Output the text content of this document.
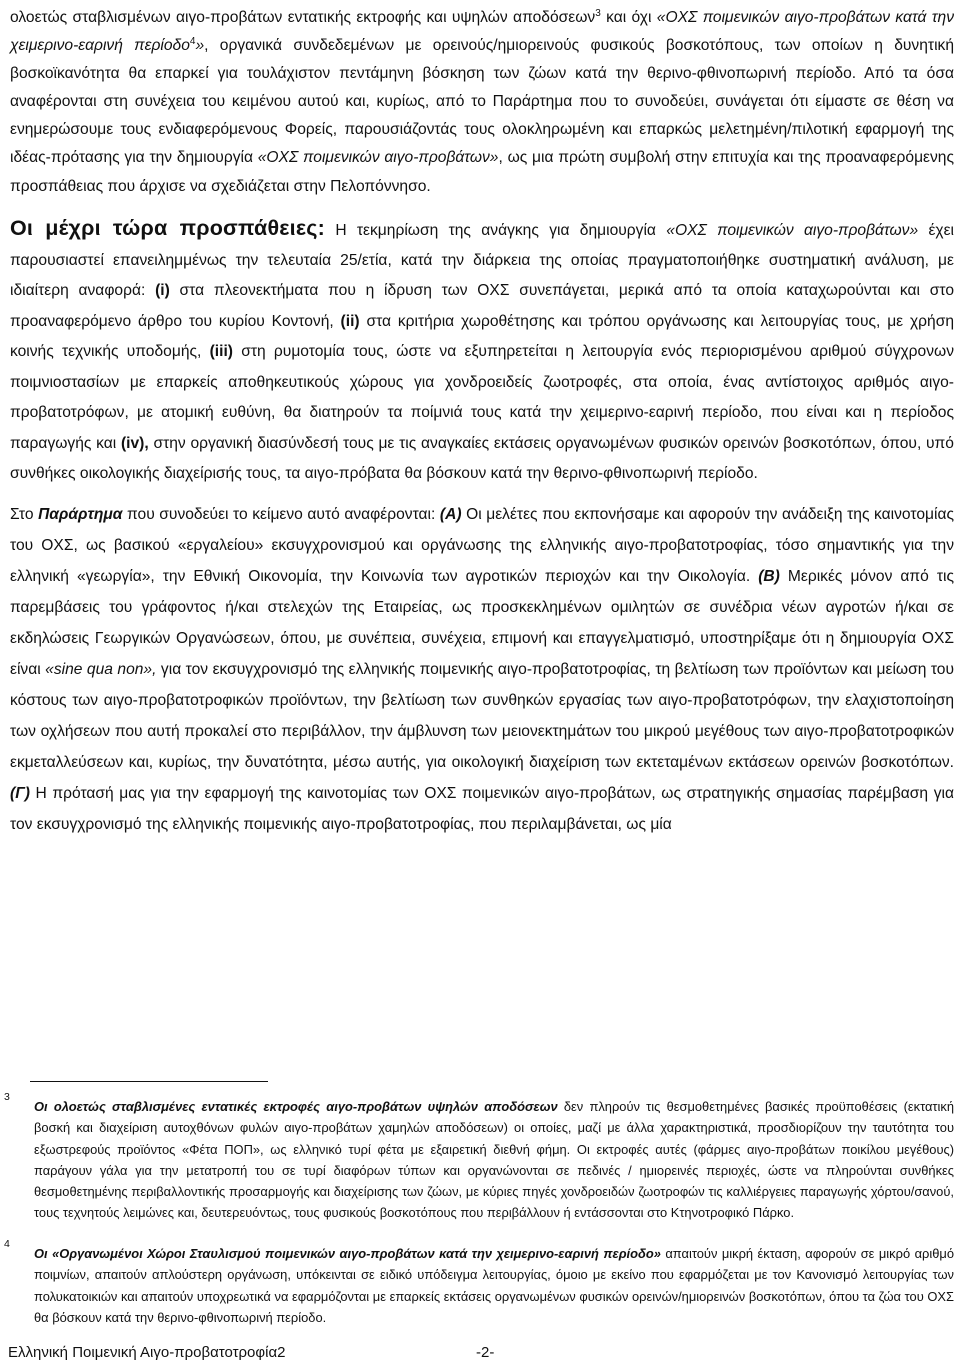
ολοετώς σταβλισμένων αιγο-προβάτων εντατικής εκτροφής και υψηλών αποδόσεων$^3$ και όχι «ΟΧΣ ποιμενικών αιγο-προβάτων κατά την χειμερινο-εαρινή περίοδο$^4$», οργανικά συνδεδεμένων με ορεινούς/ημιορεινούς φυσικούς βοσκοτόπους, των οποίων η δυνητική βοσκοϊκανότητα θα επαρκεί για τουλάχιστον πεντάμηνη βόσκηση των ζώων κατά την θερινο-φθινοπωρινή περίοδο. Από τα όσα αναφέρονται στη συνέχεια του κειμένου αυτού και, κυρίως, από το Παράρτημα που το συνοδεύει, συνάγεται ότι είμαστε σε θέση να ενημερώσουμε τους ενδιαφερόμενους Φορείς, παρουσιάζοντάς τους ολοκληρωμένη και επαρκώς μελετημένη/πιλοτική εφαρμογή της ιδέας-πρότασης για την δημιουργία «ΟΧΣ ποιμενικών αιγο-προβάτων», ως μια πρώτη συμβολή στην επιτυχία και της προαναφερόμενης προσπάθειας που άρχισε να σχεδιάζεται στην Πελοπόννησο.

Οι μέχρι τώρα προσπάθειες: Η τεκμηρίωση της ανάγκης για δημιουργία «ΟΧΣ ποιμενικών αιγο-προβάτων» έχει παρουσιαστεί επανειλημμένως την τελευταία 25/ετία, κατά την διάρκεια της οποίας πραγματοποιήθηκε συστηματική ανάλυση, με ιδιαίτερη αναφορά: (i) στα πλεονεκτήματα που η ίδρυση των ΟΧΣ συνεπάγεται, μερικά από τα οποία καταχωρούνται και στο προαναφερόμενο άρθρο του κυρίου Κοντονή, (ii) στα κριτήρια χωροθέτησης και τρόπου οργάνωσης και λειτουργίας τους, με χρήση κοινής τεχνικής υποδομής, (iii) στη ρυμοτομία τους, ώστε να εξυπηρετείται η λειτουργία ενός περιορισμένου αριθμού σύγχρονων ποιμνιοστασίων με επαρκείς αποθηκευτικούς χώρους για χονδροειδείς ζωοτροφές, στα οποία, ένας αντίστοιχος αριθμός αιγο-προβατοτρόφων, με ατομική ευθύνη, θα διατηρούν τα ποίμνιά τους κατά την χειμερινο-εαρινή περίοδο, που είναι και η περίοδος παραγωγής και (iv), στην οργανική διασύνδεσή τους με τις αναγκαίες εκτάσεις οργανωμένων φυσικών ορεινών βοσκοτόπων, όπου, υπό συνθήκες οικολογικής διαχείρισής τους, τα αιγο-πρόβατα θα βόσκουν κατά την θερινο-φθινοπωρινή περίοδο.

Στο Παράρτημα που συνοδεύει το κείμενο αυτό αναφέρονται: (Α) Οι μελέτες που εκπονήσαμε και αφορούν την ανάδειξη της καινοτομίας του ΟΧΣ, ως βασικού «εργαλείου» εκσυγχρονισμού και οργάνωσης της ελληνικής αιγο-προβατοτροφίας, τόσο σημαντικής για την ελληνική «γεωργία», την Εθνική Οικονομία, την Κοινωνία των αγροτικών περιοχών και την Οικολογία. (Β) Μερικές μόνον από τις παρεμβάσεις του γράφοντος ή/και στελεχών της Εταιρείας, ως προσκεκλημένων ομιλητών σε συνέδρια νέων αγροτών ή/και σε εκδηλώσεις Γεωργικών Οργανώσεων, όπου, με συνέπεια, συνέχεια, επιμονή και επαγγελματισμό, υποστηρίξαμε ότι η δημιουργία ΟΧΣ είναι «sine qua non», για τον εκσυγχρονισμό της ελληνικής ποιμενικής αιγο-προβατοτροφίας, τη βελτίωση των προϊόντων και μείωση του κόστους των αιγο-προβατοτροφικών προϊόντων, την βελτίωση των συνθηκών εργασίας των αιγο-προβατοτρόφων, την ελαχιστοποίηση των οχλήσεων που αυτή προκαλεί στο περιβάλλον, την άμβλυνση των μειονεκτημάτων του μικρού μεγέθους των αιγο-προβατοτροφικών εκμεταλλεύσεων και, κυρίως, την δυνατότητα, μέσω αυτής, για οικολογική διαχείριση των εκτεταμένων εκτάσεων ορεινών βοσκοτόπων. (Γ) Η πρότασή μας για την εφαρμογή της καινοτομίας των ΟΧΣ ποιμενικών αιγο-προβάτων, ως στρατηγικής σημασίας παρέμβαση για τον εκσυγχρονισμό της ελληνικής ποιμενικής αιγο-προβατοτροφίας, που περιλαμβάνεται, ως μία

3
Οι ολοετώς σταβλισμένες εντατικές εκτροφές αιγο-προβάτων υψηλών αποδόσεων δεν πληρούν τις θεσμοθετημένες βασικές προϋποθέσεις (εκτατική βοσκή και διαχείριση αυτοχθόνων φυλών αιγο-προβάτων χαμηλών αποδόσεων) οι οποίες, μαζί με άλλα χαρακτηριστικά, προσδιορίζουν την ταυτότητα του εξωστρεφούς προϊόντος «Φέτα ΠΟΠ», ως ελληνικό τυρί φέτα με εξαιρετική διεθνή φήμη. Οι εκτροφές αυτές (φάρμες αιγο-προβάτων ποικίλου μεγέθους) παράγουν γάλα για την μετατροπή του σε τυρί διαφόρων τύπων και οργανώνονται σε πεδινές / ημιορεινές περιοχές, ώστε να πληρούνται συνθήκες θεσμοθετημένης περιβαλλοντικής προσαρμογής και διαχείρισης των ζώων, με κύριες πηγές χονδροειδών ζωοτροφών τις καλλιέργειες παραγωγής χόρτου/σανού, τους τεχνητούς λειμώνες και, δευτερευόντως, τους φυσικούς βοσκοτόπους που περιβάλλουν ή εντάσσονται στο Κτηνοτροφικό Πάρκο.
4
Οι «Οργανωμένοι Χώροι Σταυλισμού ποιμενικών αιγο-προβάτων κατά την χειμερινο-εαρινή περίοδο» απαιτούν μικρή έκταση, αφορούν σε μικρό αριθμό ποιμνίων, απαιτούν απλούστερη οργάνωση, υπόκεινται σε ειδικό υπόδειγμα λειτουργίας, όμοιο με εκείνο που εφαρμόζεται με τον Κανονισμό λειτουργίας των πολυκατοικιών και απαιτούν υποχρεωτικά να εφαρμόζονται με επαρκείς εκτάσεις οργανωμένων φυσικών ορεινών/ημιορεινών βοσκοτόπων, όπου τα ζώα του ΟΧΣ θα βόσκουν κατά την θερινο-φθινοπωρινή περίοδο.
Ελληνική Ποιμενική Αιγο-προβατοτροφία2	-2-
